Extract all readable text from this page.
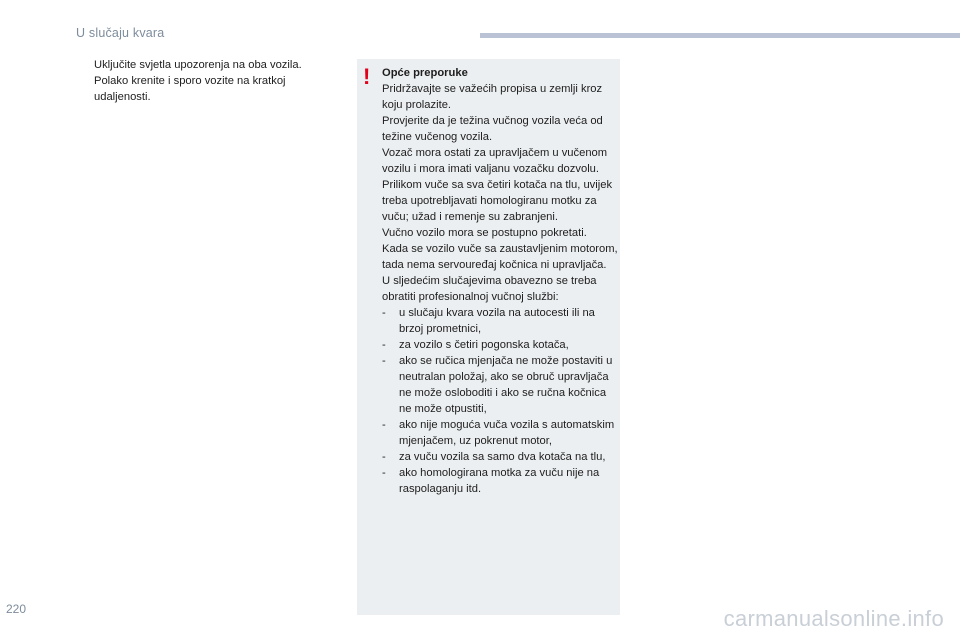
U slučaju kvara
Uključite svjetla upozorenja na oba vozila.
Polako krenite i sporo vozite na kratkoj udaljenosti.
! Opće preporuke

Pridržavajte se važećih propisa u zemlji kroz koju prolazite.

Provjerite da je težina vučnog vozila veća od težine vučenog vozila.

Vozač mora ostati za upravljačem u vučenom vozilu i mora imati valjanu vozačku dozvolu.

Prilikom vuče sa sva četiri kotača na tlu, uvijek treba upotrebljavati homologiranu motku za vuču; užad i remenje su zabranjeni.

Vučno vozilo mora se postupno pokretati.

Kada se vozilo vuče sa zaustavljenim motorom, tada nema servouređaj kočnica ni upravljača.

U sljedećim slučajevima obavezno se treba obratiti profesionalnoj vučnoj službi:

-	u slučaju kvara vozila na autocesti ili na brzoj prometnici,
-	za vozilo s četiri pogonska kotača,
-	ako se ručica mjenjača ne može postaviti u neutralan položaj, ako se obruč upravljača ne može osloboditi i ako se ručna kočnica ne može otpustiti,
-	ako nije moguća vuča vozila s automatskim mjenjačem, uz pokrenut motor,
-	za vuču vozila sa samo dva kotača na tlu,
-	ako homologirana motka za vuču nije na raspolaganju itd.
220	carmanualsonline.info
